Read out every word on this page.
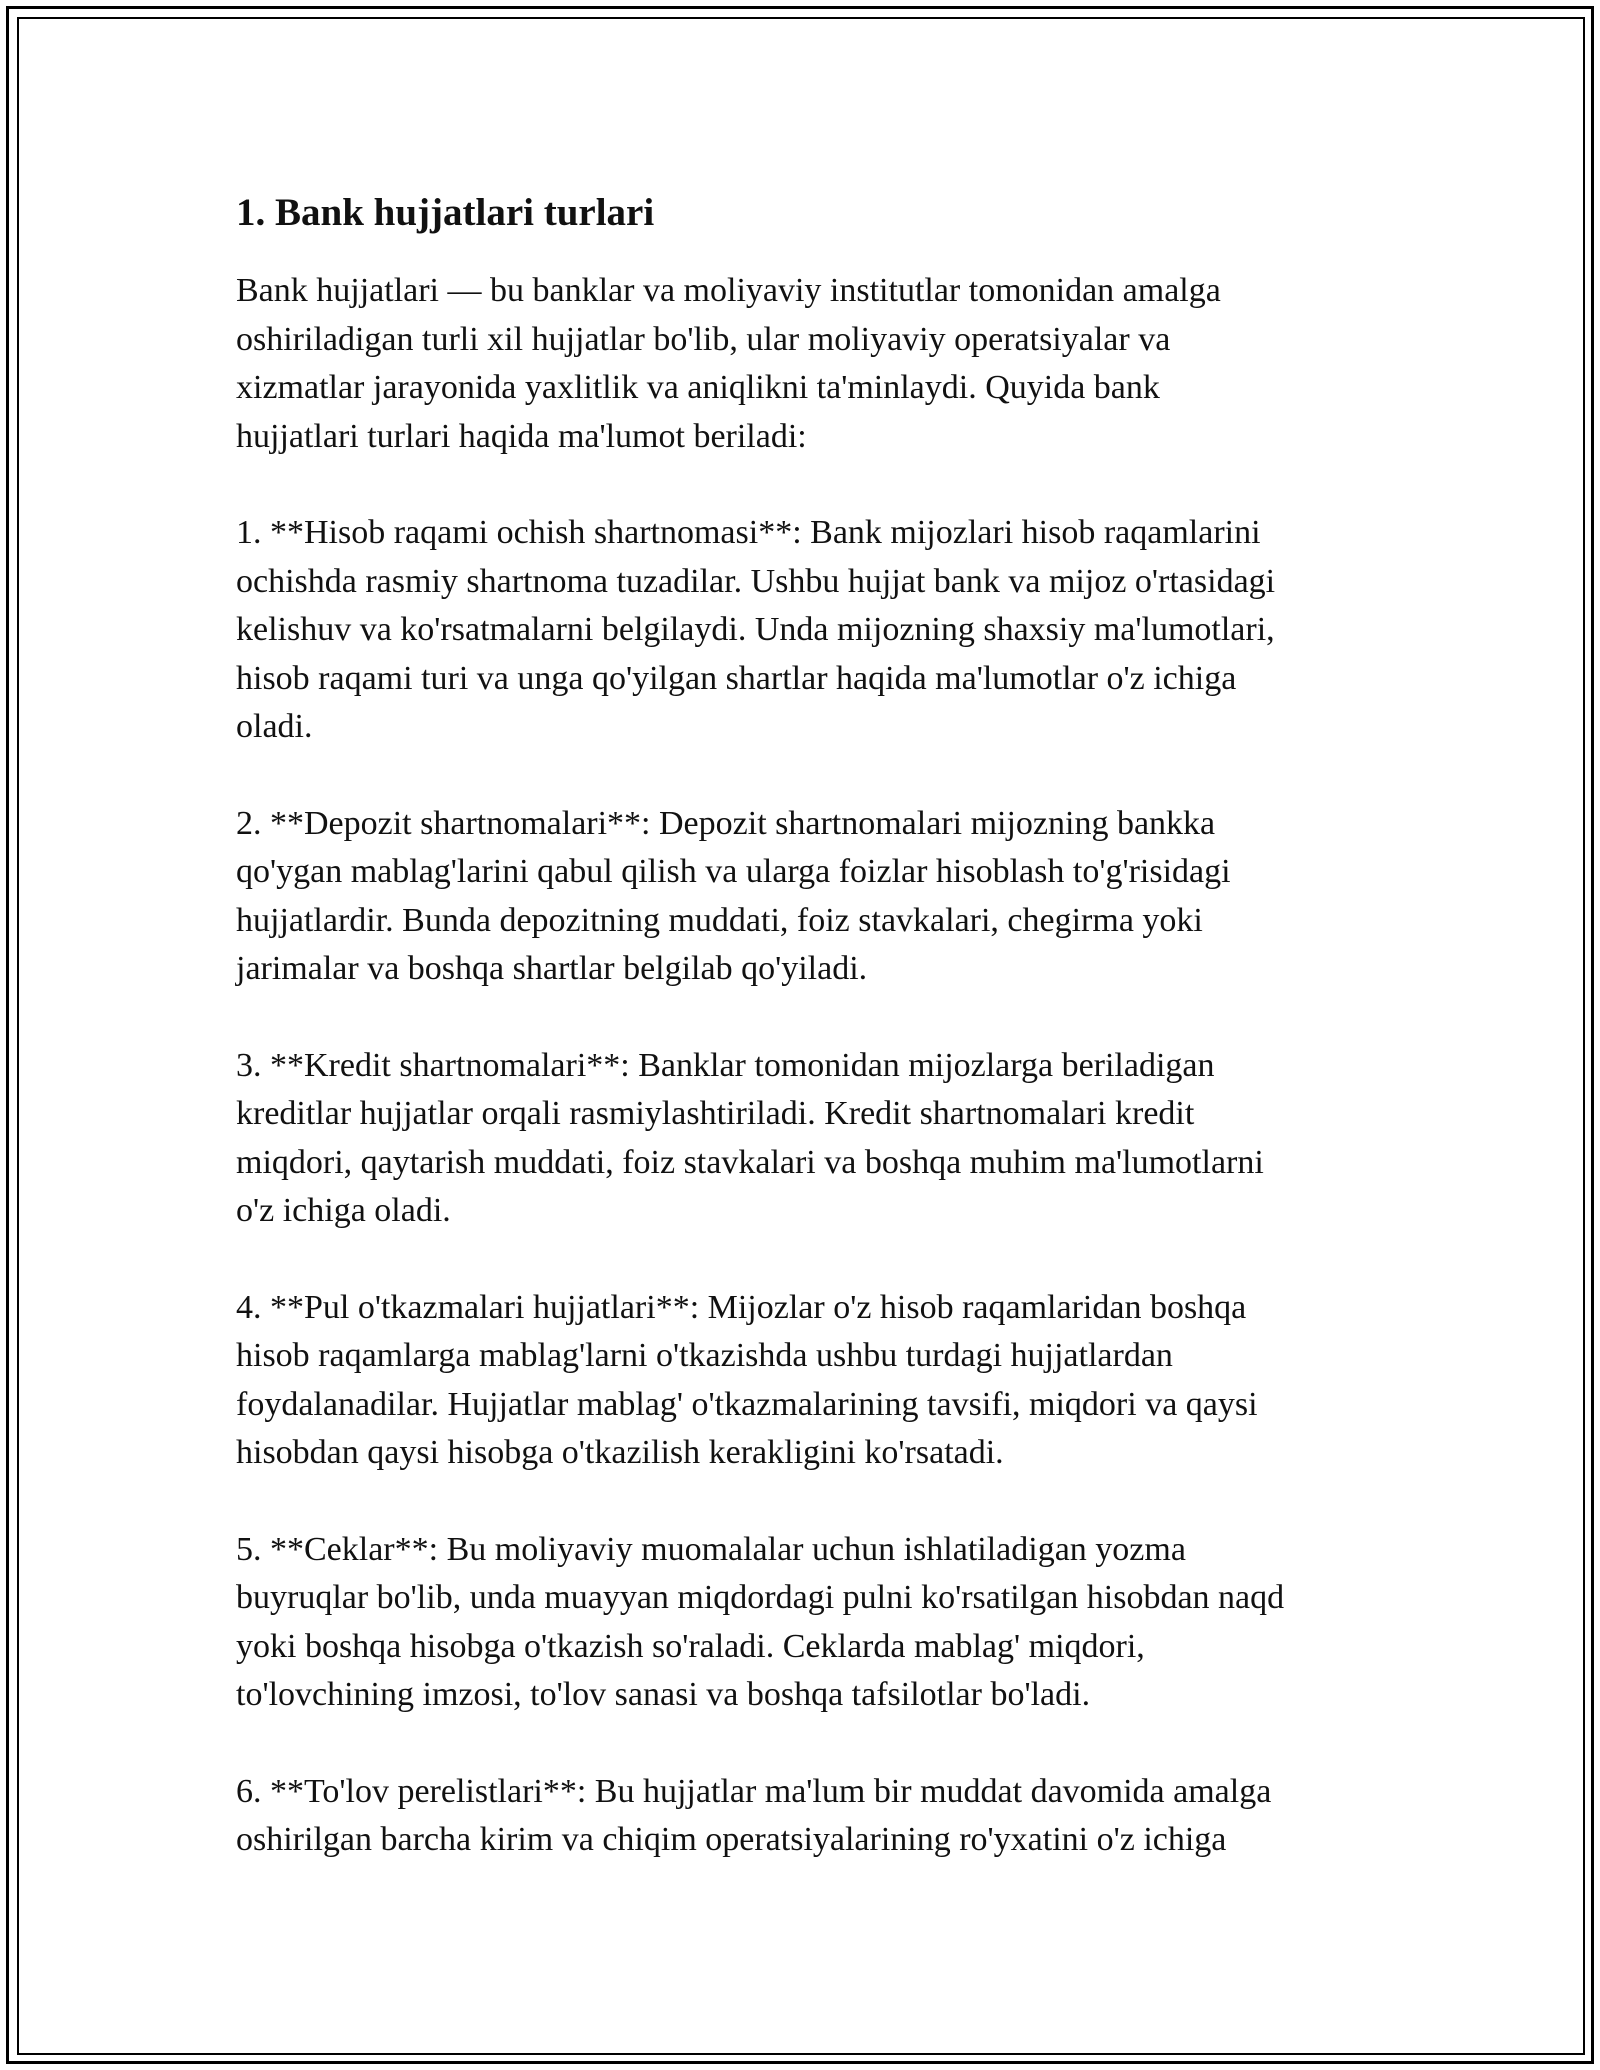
1. Bank hujjatlari turlari

Bank hujjatlari — bu banklar va moliyaviy institutlar tomonidan amalga
oshiriladigan turli xil hujjatlar bo'lib, ular moliyaviy operatsiyalar va
xizmatlar jarayonida yaxlitlik va aniqlikni ta'minlaydi. Quyida bank
hujjatlari turlari haqida ma'lumot beriladi:

1. **Hisob raqami ochish shartnomasi**: Bank mijozlari hisob raqamlarini
ochishda rasmiy shartnoma tuzadilar. Ushbu hujjat bank va mijoz o'rtasidagi
kelishuv va ko'rsatmalarni belgilaydi. Unda mijozning shaxsiy ma'lumotlari,
hisob raqami turi va unga qo'yilgan shartlar haqida ma'lumotlar o'z ichiga
oladi.

2. **Depozit shartnomalari**: Depozit shartnomalari mijozning bankka
qo'ygan mablag'larini qabul qilish va ularga foizlar hisoblash to'g'risidagi
hujjatlardir. Bunda depozitning muddati, foiz stavkalari, chegirma yoki
jarimalar va boshqa shartlar belgilab qo'yiladi.

3. **Kredit shartnomalari**: Banklar tomonidan mijozlarga beriladigan
kreditlar hujjatlar orqali rasmiylashtiriladi. Kredit shartnomalari kredit
miqdori, qaytarish muddati, foiz stavkalari va boshqa muhim ma'lumotlarni
o'z ichiga oladi.

4. **Pul o'tkazmalari hujjatlari**: Mijozlar o'z hisob raqamlaridan boshqa
hisob raqamlarga mablag'larni o'tkazishda ushbu turdagi hujjatlardan
foydalanadilar. Hujjatlar mablag' o'tkazmalarining tavsifi, miqdori va qaysi
hisobdan qaysi hisobga o'tkazilish kerakligini ko'rsatadi.

5. **Ceklar**: Bu moliyaviy muomalalar uchun ishlatiladigan yozma
buyruqlar bo'lib, unda muayyan miqdordagi pulni ko'rsatilgan hisobdan naqd
yoki boshqa hisobga o'tkazish so'raladi. Ceklarda mablag' miqdori,
to'lovchining imzosi, to'lov sanasi va boshqa tafsilotlar bo'ladi.

6. **To'lov perelistlari**: Bu hujjatlar ma'lum bir muddat davomida amalga
oshirilgan barcha kirim va chiqim operatsiyalarining ro'yxatini o'z ichiga
